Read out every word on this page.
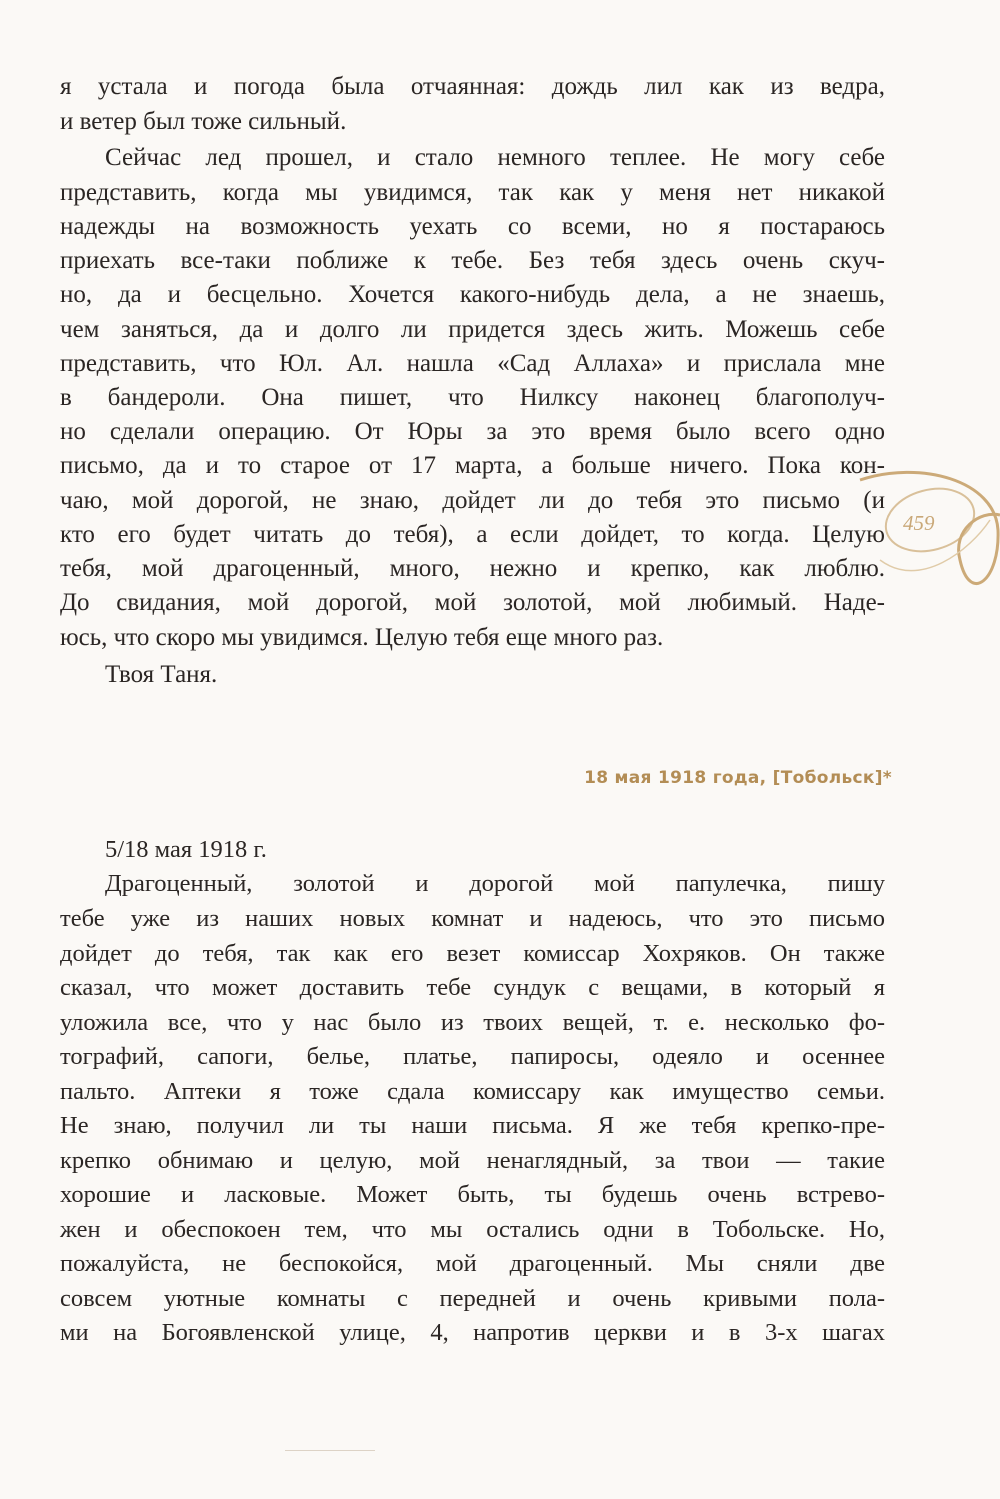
459
я устала и погода была отчаянная: дождь лил как из ведра,
и ветер был тоже сильный.
Сейчас лед прошел, и стало немного теплее. Не могу себе
представить, когда мы увидимся, так как у меня нет никакой
надежды на возможность уехать со всеми, но я постараюсь
приехать все-таки поближе к тебе. Без тебя здесь очень скуч-
но, да и бесцельно. Хочется какого-нибудь дела, а не знаешь,
чем заняться, да и долго ли придется здесь жить. Можешь себе
представить, что Юл. Ал. нашла «Сад Аллаха» и прислала мне
в бандероли. Она пишет, что Нилксу наконец благополуч-
но сделали операцию. От Юры за это время было всего одно
письмо, да и то старое от 17 марта, а больше ничего. Пока кон-
чаю, мой дорогой, не знаю, дойдет ли до тебя это письмо (и
кто его будет читать до тебя), а если дойдет, то когда. Целую
тебя, мой драгоценный, много, нежно и крепко, как люблю.
До свидания, мой дорогой, мой золотой, мой любимый. Наде-
юсь, что скоро мы увидимся. Целую тебя еще много раз.
Твоя Таня.
18 мая 1918 года, [Тобольск]*
5/18 мая 1918 г.
Драгоценный, золотой и дорогой мой папулечка, пишу
тебе уже из наших новых комнат и надеюсь, что это письмо
дойдет до тебя, так как его везет комиссар Хохряков. Он также
сказал, что может доставить тебе сундук с вещами, в который я
уложила все, что у нас было из твоих вещей, т. е. несколько фо-
тографий, сапоги, белье, платье, папиросы, одеяло и осеннее
пальто. Аптеки я тоже сдала комиссару как имущество семьи.
Не знаю, получил ли ты наши письма. Я же тебя крепко-пре-
крепко обнимаю и целую, мой ненаглядный, за твои — такие
хорошие и ласковые. Может быть, ты будешь очень встрево-
жен и обеспокоен тем, что мы остались одни в Тобольске. Но,
пожалуйста, не беспокойся, мой драгоценный. Мы сняли две
совсем уютные комнаты с передней и очень кривыми пола-
ми на Богоявленской улице, 4, напротив церкви и в 3-х шагах
